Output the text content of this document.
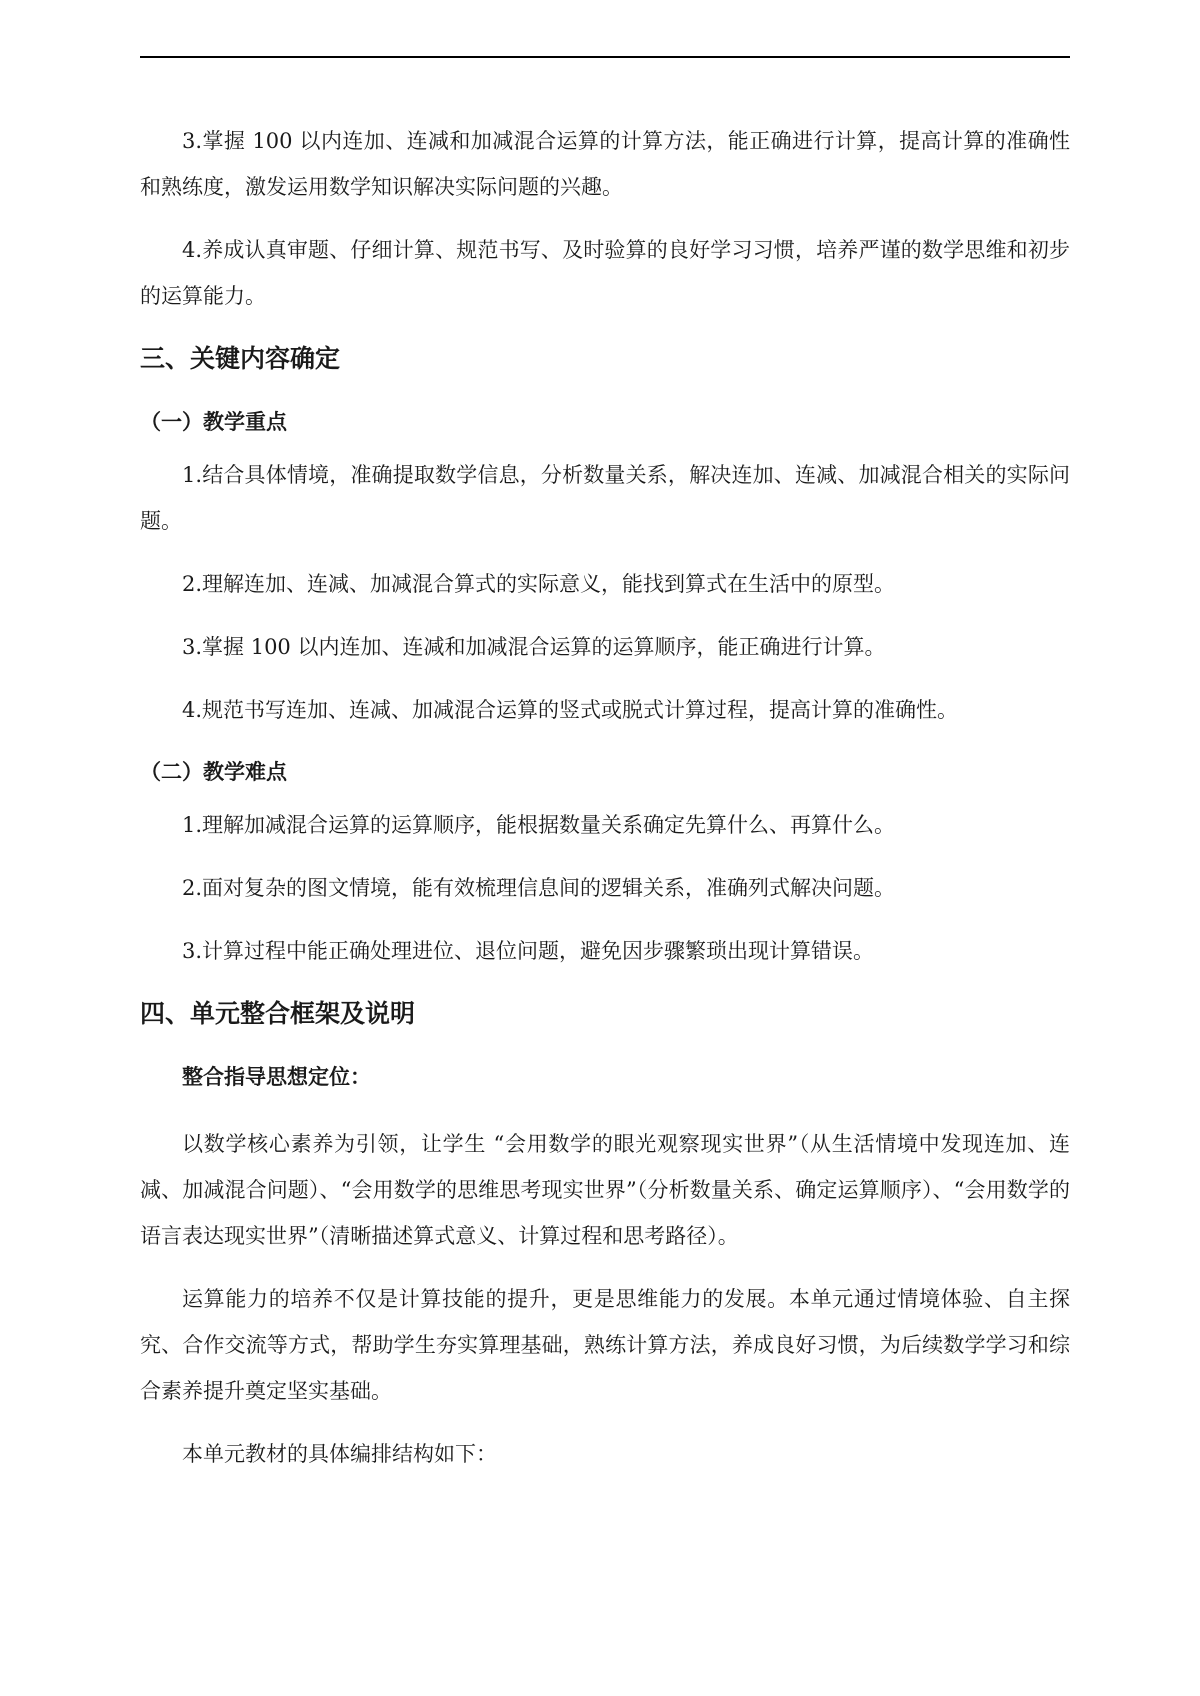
3.掌握 100 以内连加、连减和加减混合运算的计算方法，能正确进行计算，提高计算的准确性和熟练度，激发运用数学知识解决实际问题的兴趣。

4.养成认真审题、仔细计算、规范书写、及时验算的良好学习习惯，培养严谨的数学思维和初步的运算能力。

三、关键内容确定
（一）教学重点

1.结合具体情境，准确提取数学信息，分析数量关系，解决连加、连减、加减混合相关的实际问题。

2.理解连加、连减、加减混合算式的实际意义，能找到算式在生活中的原型。

3.掌握 100 以内连加、连减和加减混合运算的运算顺序，能正确进行计算。

4.规范书写连加、连减、加减混合运算的竖式或脱式计算过程，提高计算的准确性。

（二）教学难点

1.理解加减混合运算的运算顺序，能根据数量关系确定先算什么、再算什么。

2.面对复杂的图文情境，能有效梳理信息间的逻辑关系，准确列式解决问题。

3.计算过程中能正确处理进位、退位问题，避免因步骤繁琐出现计算错误。

四、单元整合框架及说明
整合指导思想定位：

以数学核心素养为引领，让学生 “会用数学的眼光观察现实世界”（从生活情境中发现连加、连减、加减混合问题）、“会用数学的思维思考现实世界”（分析数量关系、确定运算顺序）、“会用数学的语言表达现实世界”（清晰描述算式意义、计算过程和思考路径）。

运算能力的培养不仅是计算技能的提升，更是思维能力的发展。本单元通过情境体验、自主探究、合作交流等方式，帮助学生夯实算理基础，熟练计算方法，养成良好习惯，为后续数学学习和综合素养提升奠定坚实基础。

本单元教材的具体编排结构如下：
